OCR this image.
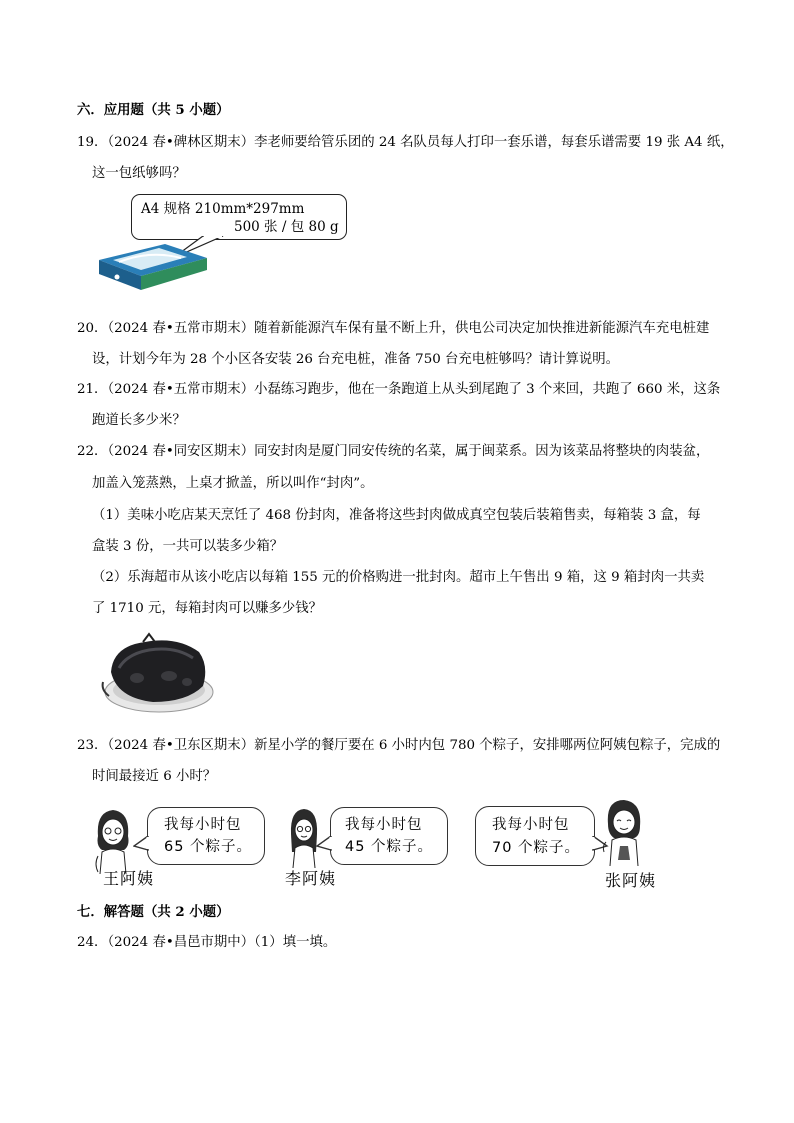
六．应用题（共 5 小题）
19．（2024 春•碑林区期末）李老师要给管乐团的 24 名队员每人打印一套乐谱，每套乐谱需要 19 张 A4 纸，
这一包纸够吗？
A4 规格 210mm*297mm
500 张 / 包 80 g
20．（2024 春•五常市期末）随着新能源汽车保有量不断上升，供电公司决定加快推进新能源汽车充电桩建
设，计划今年为 28 个小区各安装 26 台充电桩，准备 750 台充电桩够吗？请计算说明。
21．（2024 春•五常市期末）小磊练习跑步，他在一条跑道上从头到尾跑了 3 个来回，共跑了 660 米，这条
跑道长多少米？
22．（2024 春•同安区期末）同安封肉是厦门同安传统的名菜，属于闽菜系。因为该菜品将整块的肉装盆，
加盖入笼蒸熟，上桌才掀盖，所以叫作“封肉”。
（1）美味小吃店某天烹饪了 468 份封肉，准备将这些封肉做成真空包装后装箱售卖，每箱装 3 盒，每
盒装 3 份，一共可以装多少箱？
（2）乐海超市从该小吃店以每箱 155 元的价格购进一批封肉。超市上午售出 9 箱，这 9 箱封肉一共卖
了 1710 元，每箱封肉可以赚多少钱？
23．（2024 春•卫东区期末）新星小学的餐厅要在 6 小时内包 780 个粽子，安排哪两位阿姨包粽子，完成的
时间最接近 6 小时？
我每小时包
65 个粽子。
王阿姨
我每小时包
45 个粽子。
李阿姨
我每小时包
70 个粽子。
张阿姨
七．解答题（共 2 小题）
24．（2024 春•昌邑市期中）（1）填一填。
